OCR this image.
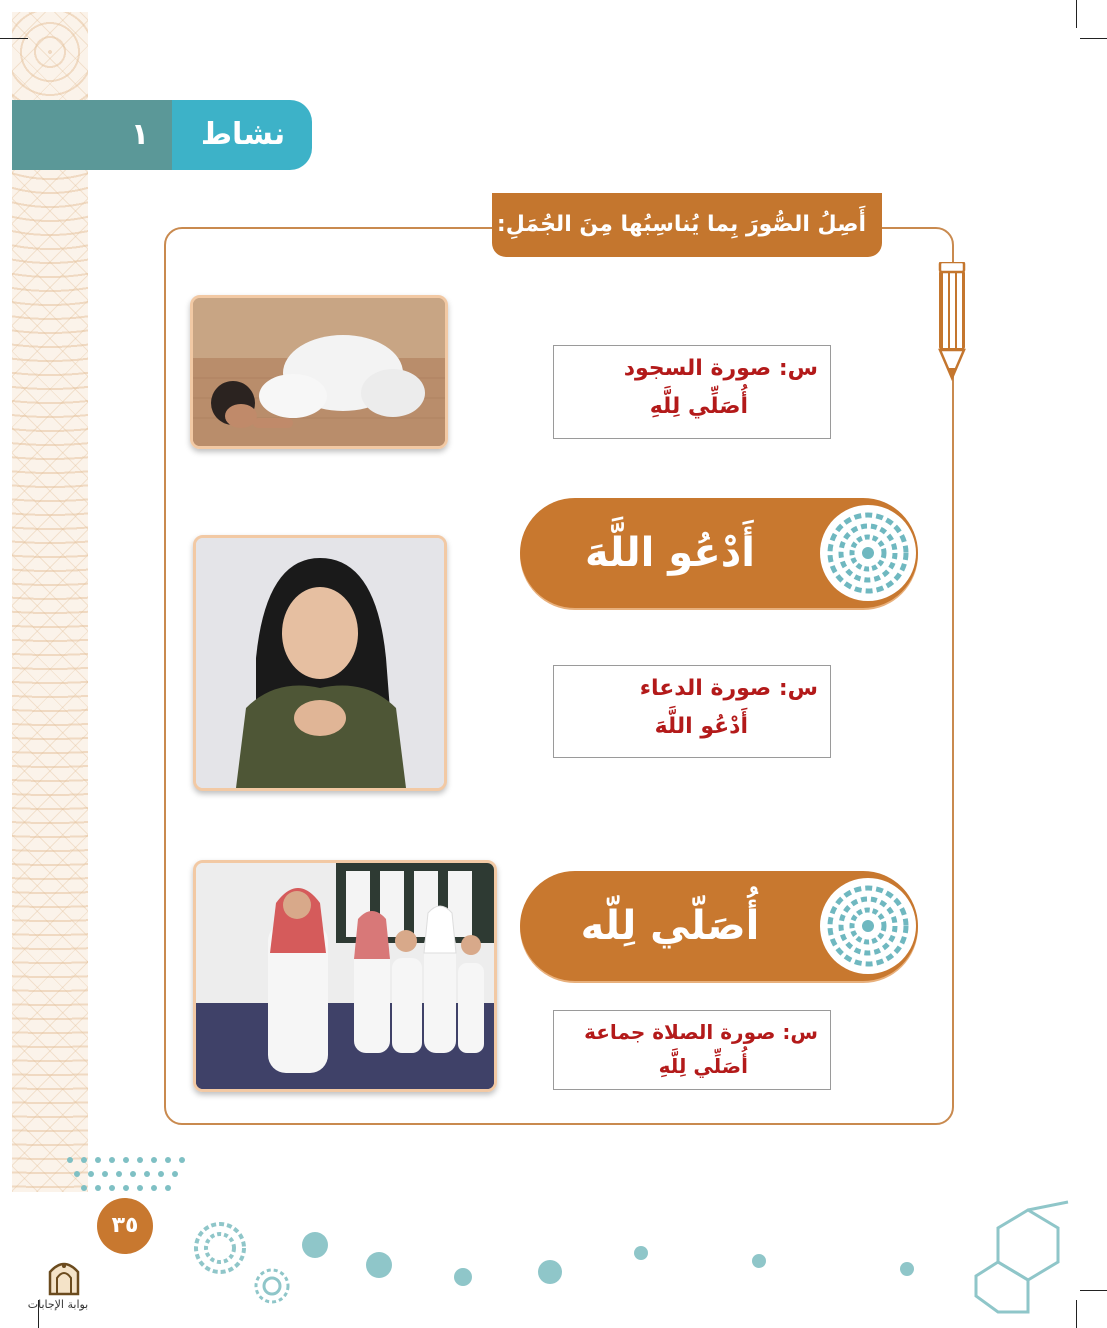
١	نشاط
أَصِلُ الصُّورَ بِما يُناسِبُها مِنَ الجُمَلِ:
س: صورة السجود
أُصَلِّي لِلَّهِ
أَدْعُو اللَّهَ
س: صورة الدعاء
أَدْعُو اللَّهَ
أُصَلّي لِلّه
س: صورة الصلاة جماعة
أُصَلِّي لِلَّهِ
٣٥
بوابة الإجابات
